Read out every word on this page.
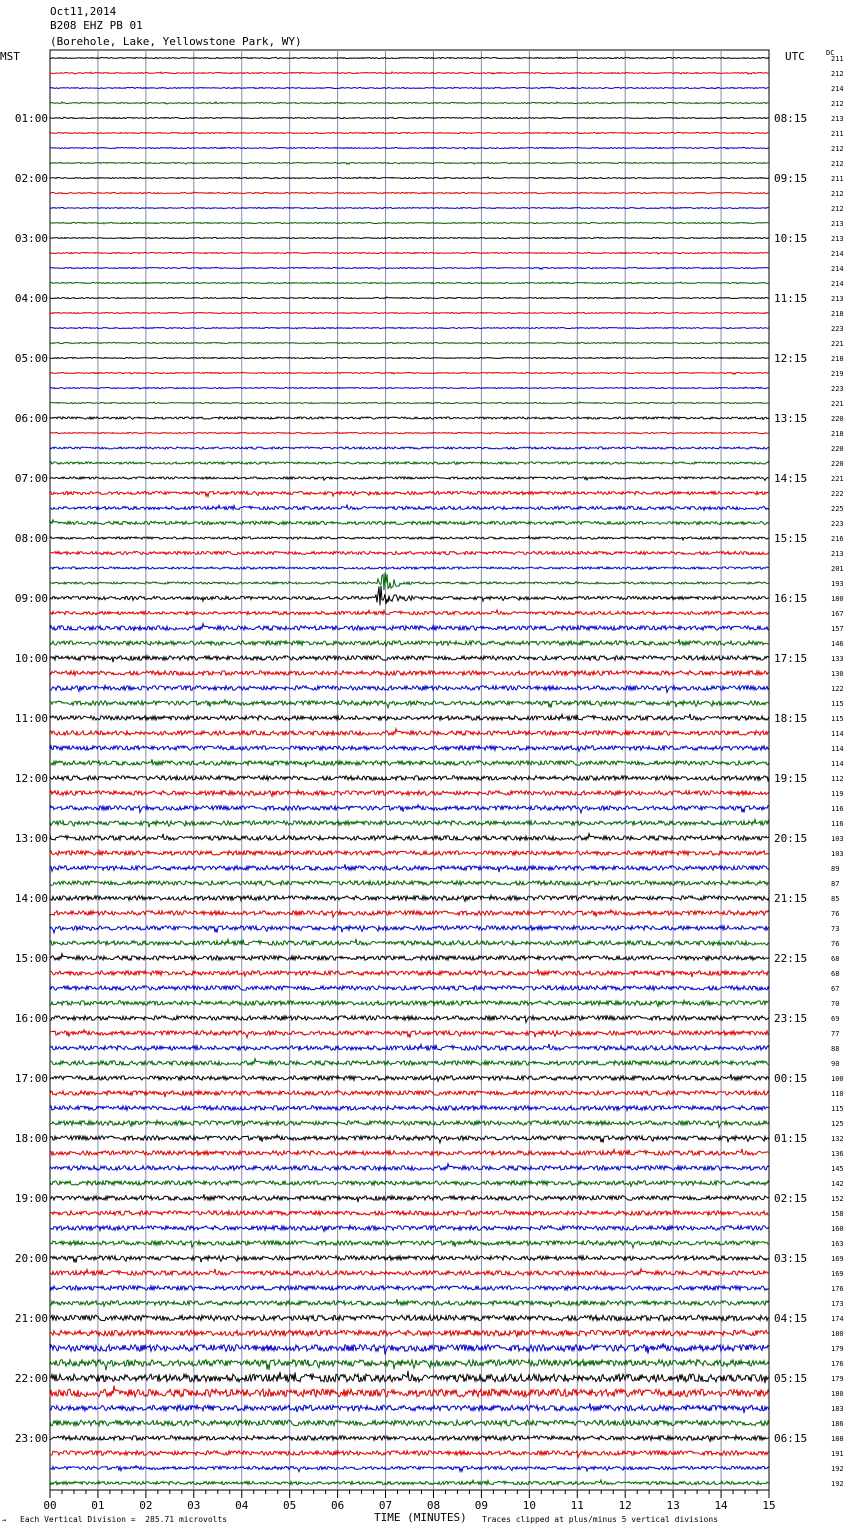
Oct11,2014
B208 EHZ PB 01
(Borehole, Lake, Yellowstone Park, WY)
MST	UTC	DC
211
212
214
212
213
211
212
212
211
212
212
213
213
214
214
214
213
218
223
221
218
219
223
221
220
218
220
220
221
222
225
223
216
213
201
193
180
167
157
146
133
130
122
115
115
114
114
114
112
119
116
116
103
103
89
87
85
76
73
76
68
68
67
70
69
77
88
90
100
110
115
125
132
136
145
142
152
158
160
163
169
169
176
173
174
180
179
176
179
180
183
186
188
191
192
192
01:00
02:00
03:00
04:00
05:00
06:00
07:00
08:00
09:00
10:00
11:00
12:00
13:00
14:00
15:00
16:00
17:00
18:00
19:00
20:00
21:00
22:00
23:00
08:15
09:15
10:15
11:15
12:15
13:15
14:15
15:15
16:15
17:15
18:15
19:15
20:15
21:15
22:15
23:15
00:15
01:15
02:15
03:15
04:15
05:15
06:15
00	01	02	03	04	05	06	07	08	09	10	11	12	13	14	15
TIME (MINUTES)
→ Each Vertical Division =  285.71 microvolts	Traces clipped at plus/minus 5 vertical divisions
